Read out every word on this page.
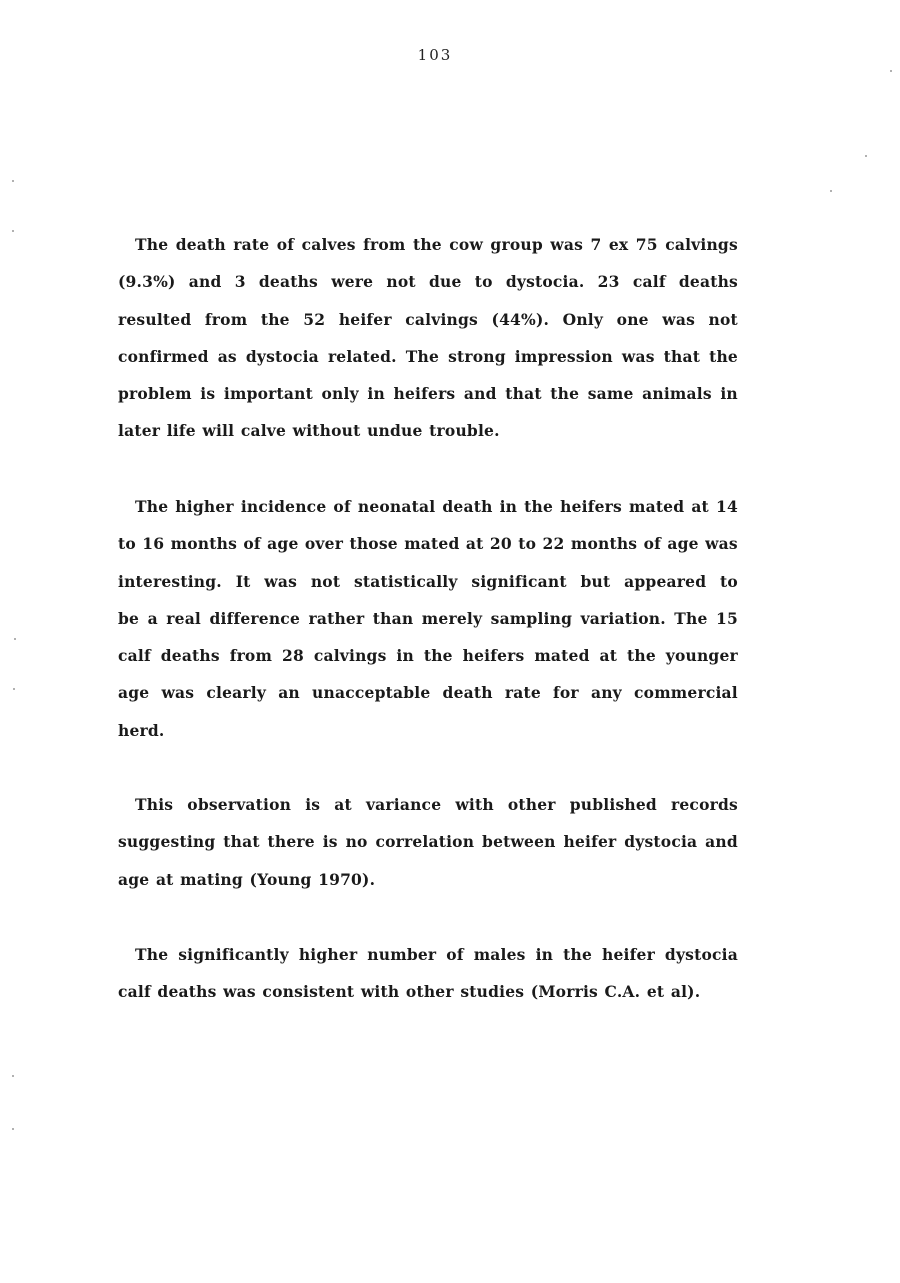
103
The death rate of calves from the cow group was 7 ex 75 calvings
(9.3%) and 3 deaths were not due to dystocia. 23 calf deaths
resulted from the 52 heifer calvings (44%). Only one was not
confirmed as dystocia related. The strong impression was that the
problem is important only in heifers and that the same animals in
later life will calve without undue trouble.
The higher incidence of neonatal death in the heifers mated at 14
to 16 months of age over those mated at 20 to 22 months of age was
interesting. It was not statistically significant but appeared to
be a real difference rather than merely sampling variation. The 15
calf deaths from 28 calvings in the heifers mated at the younger
age was clearly an unacceptable death rate for any commercial
herd.
This observation is at variance with other published records
suggesting that there is no correlation between heifer dystocia and
age at mating (Young 1970).
The significantly higher number of males in the heifer dystocia
calf deaths was consistent with other studies (Morris C.A. et al).
